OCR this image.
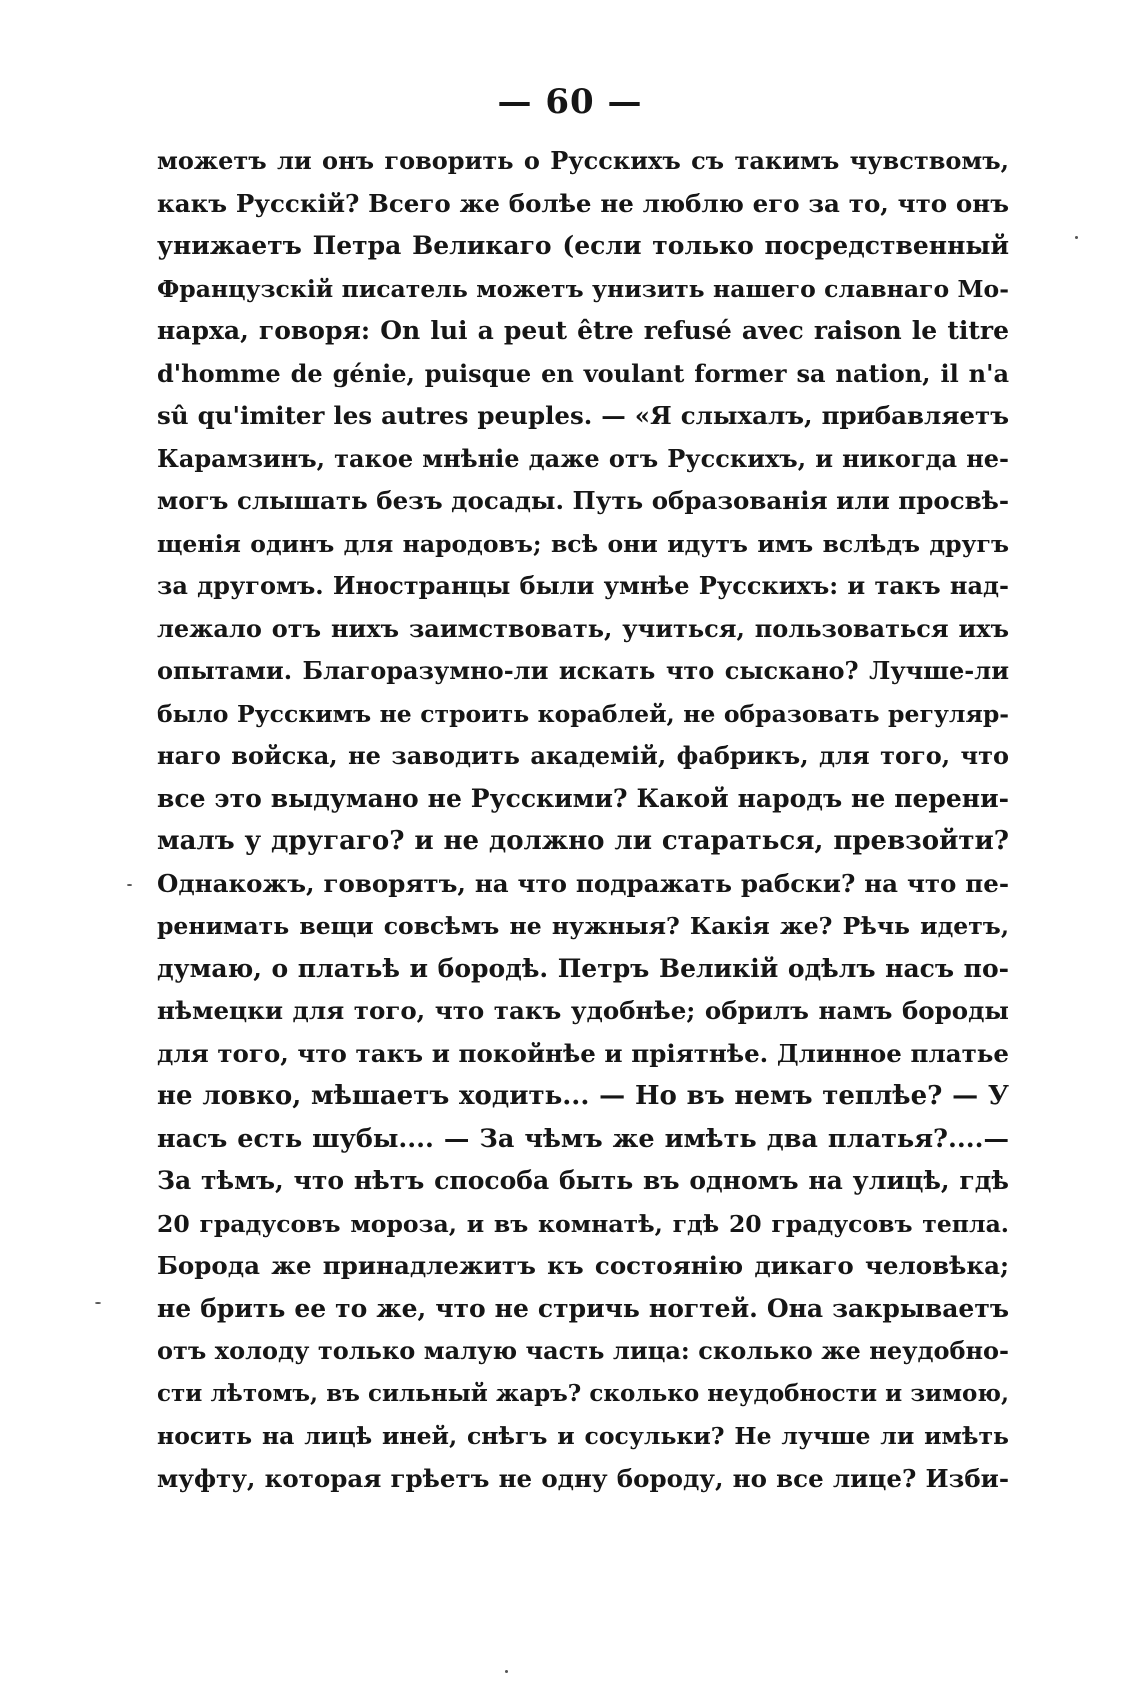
— 60 —
можетъ ли онъ говорить о Русскихъ съ такимъ чувствомъ,
какъ Русскій? Всего же болѣе не люблю его за то, что онъ
унижаетъ Петра Великаго (если только посредственный
Французскій писатель можетъ унизить нашего славнаго Мо-
нарха, говоря: On lui a peut être refusé avec raison le titre
d'homme de génie, puisque en voulant former sa nation, il n'a
sû qu'imiter les autres peuples. — «Я слыхалъ, прибавляетъ
Карамзинъ, такое мнѣніе даже отъ Русскихъ, и никогда не-
могъ слышать безъ досады. Путь образованія или просвѣ-
щенія одинъ для народовъ; всѣ они идутъ имъ вслѣдъ другъ
за другомъ. Иностранцы были умнѣе Русскихъ: и такъ над-
лежало отъ нихъ заимствовать, учиться, пользоваться ихъ
опытами. Благоразумно-ли искать что сыскано? Лучше-ли
было Русскимъ не строить кораблей, не образовать регуляр-
наго войска, не заводить академій, фабрикъ, для того, что
все это выдумано не Русскими? Какой народъ не перени-
малъ у другаго? и не должно ли стараться, превзойти?
Однакожъ, говорятъ, на что подражать рабски? на что пе-
ренимать вещи совсѣмъ не нужныя? Какія же? Рѣчь идетъ,
думаю, о платьѣ и бородѣ. Петръ Великій одѣлъ насъ по-
нѣмецки для того, что такъ удобнѣе; обрилъ намъ бороды
для того, что такъ и покойнѣе и пріятнѣе. Длинное платье
не ловко, мѣшаетъ ходить... — Но въ немъ теплѣе? — У
насъ есть шубы.... — За чѣмъ же имѣть два платья?....—
За тѣмъ, что нѣтъ способа быть въ одномъ на улицѣ, гдѣ
20 градусовъ мороза, и въ комнатѣ, гдѣ 20 градусовъ тепла.
Борода же принадлежитъ къ состоянію дикаго человѣка;
не брить ее то же, что не стричь ногтей. Она закрываетъ
отъ холоду только малую часть лица: сколько же неудобно-
сти лѣтомъ, въ сильный жаръ? сколько неудобности и зимою,
носить на лицѣ иней, снѣгъ и сосульки? Не лучше ли имѣть
муфту, которая грѣетъ не одну бороду, но все лице? Изби-
